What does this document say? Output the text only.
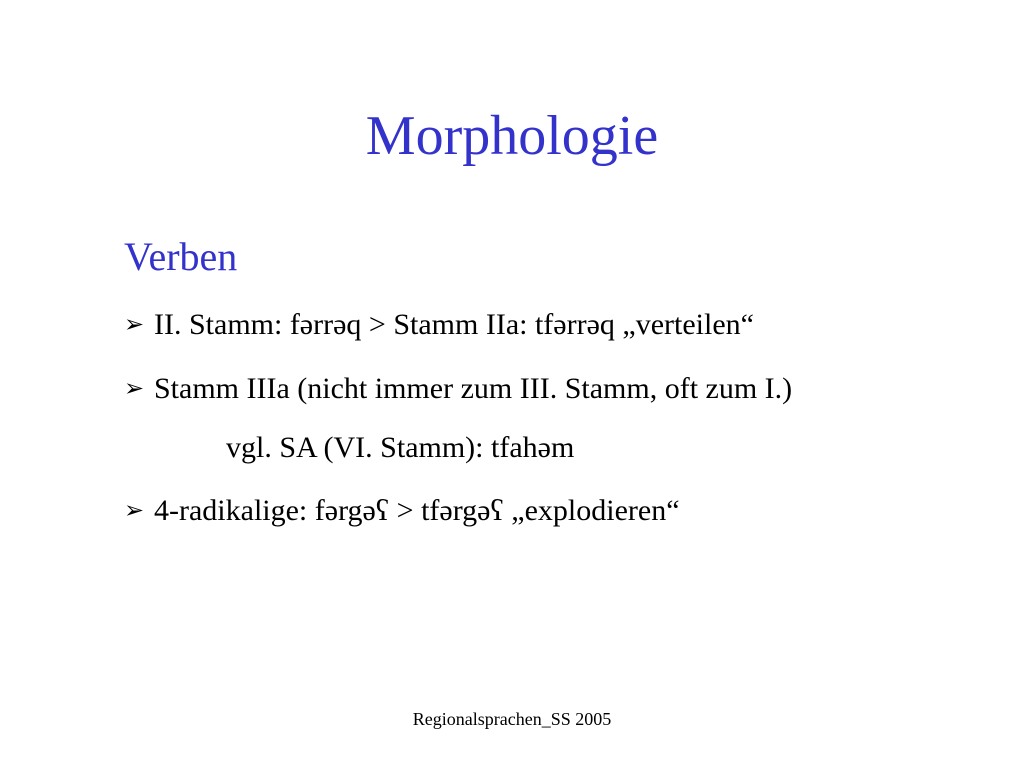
Morphologie
Verben
➢ II. Stamm: fərrəq > Stamm IIa: tfərrəq „verteilen“
➢ Stamm IIIa (nicht immer zum III. Stamm, oft zum I.)
vgl. SA (VI. Stamm): tfahəm
➢ 4-radikalige: fərgəʕ > tfərgəʕ „explodieren“
Regionalsprachen_SS 2005
